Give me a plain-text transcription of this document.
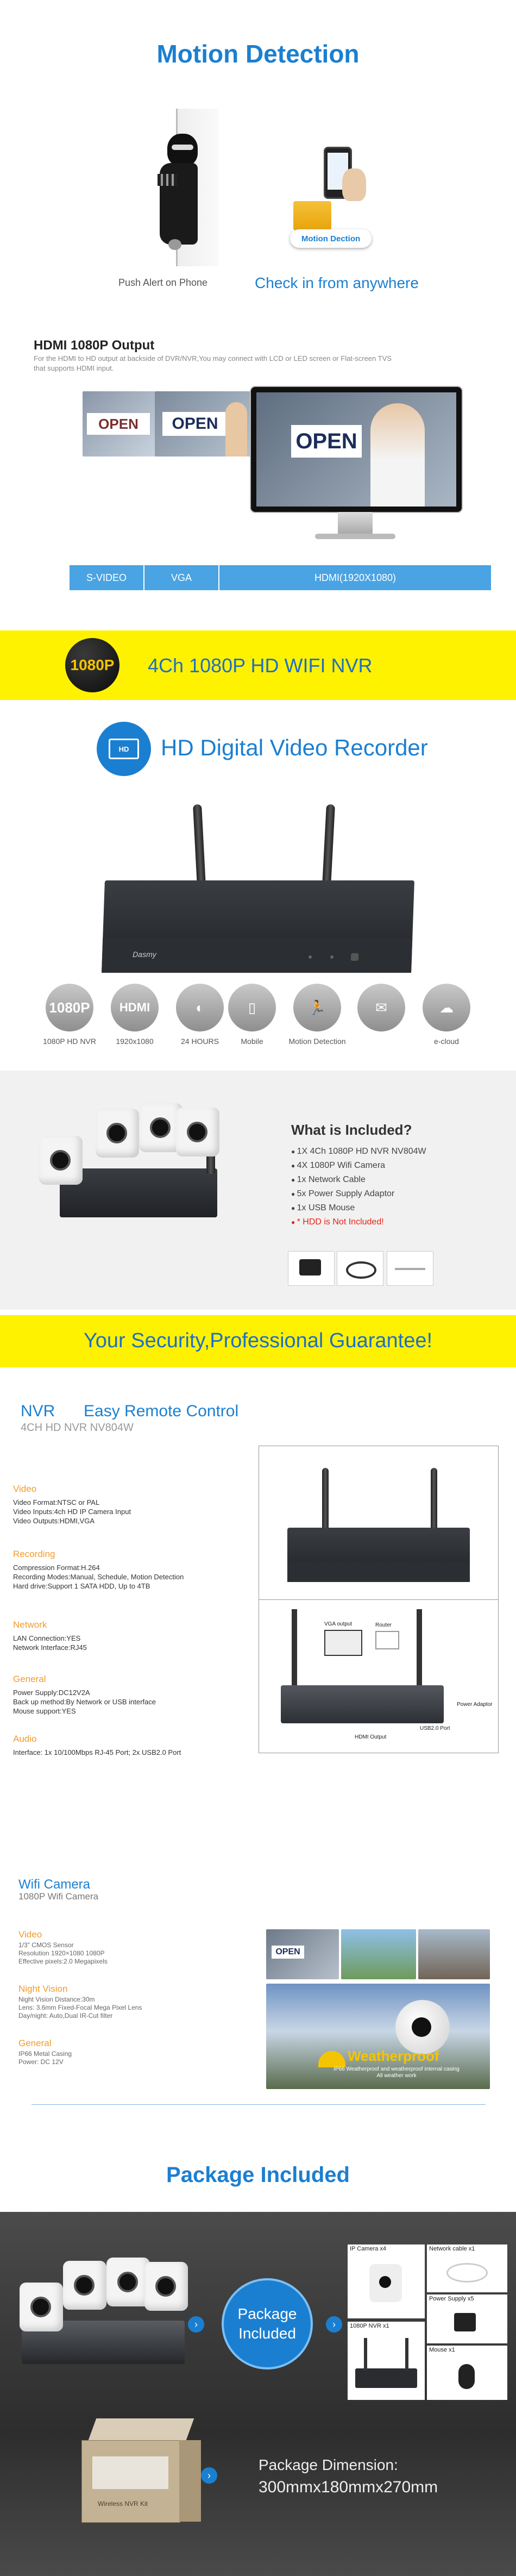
Motion Detection
Push Alert on Phone
Motion Dection
Check in from anywhere
HDMI 1080P Output
For the HDMI to HD output at backside of DVR/NVR,You may connect with LCD or LED screen or Flat-screen TVS
that supports HDMI input.
OPEN	OPEN
OPEN
S-VIDEO	VGA	HDMI(1920X1080)
1080P 4Ch 1080P HD WIFI NVR
HD	HD Digital Video Recorder
Dasmy
1080P
1080P HD NVR
HDMI
1920x1080
◐
24 HOURS
▯
Mobile
🏃
Motion Detection
✉	☁
e-cloud
What is Included?
● 1X 4Ch 1080P HD NVR NV804W
● 4X 1080P Wifi Camera
● 1x Network Cable
● 5x Power Supply Adaptor
● 1x USB Mouse
● * HDD is Not Included!
Your Security,Professional Guarantee!
NVR Easy Remote Control
4CH HD NVR NV804W
VGA output	Router
HDMI Output
USB2.0 Port
Power Adaptor
Video
Video Format:NTSC or PAL
Video Inputs:4ch HD IP Camera Input
Video Outputs:HDMI,VGA
Recording
Compression Format:H.264
Recording Modes:Manual, Schedule, Motion Detection
Hard drive:Support 1 SATA HDD, Up to 4TB
Network
LAN Connection:YES
Network Interface:RJ45
General
Power Supply:DC12V2A
Back up method:By Network or USB interface
Mouse support:YES
Audio
Interface: 1x 10/100Mbps RJ-45 Port; 2x USB2.0 Port
Wifi Camera
1080P Wifi Camera
OPEN
Weatherproof
IP66 Weatherproof and weatherproof internal casing
All weather work
Video
1/3" CMOS Sensor
Resolution 1920×1080 1080P
Effective pixels:2.0 Megapixels
Night Vision
Night Vision Distance:30m
Lens: 3.6mm Fixed-Focal Mega Pixel Lens
Day/night: Auto,Dual IR-Cut filter
General
IP66 Metal Casing
Power: DC 12V
Package Included
›
Package
Included
›
IP Camera x4	Network cable x1
Power Supply x5
1080P NVR x1
Mouse x1
Wireless NVR Kit
›
Package Dimension:
300mmx180mmx270mm
